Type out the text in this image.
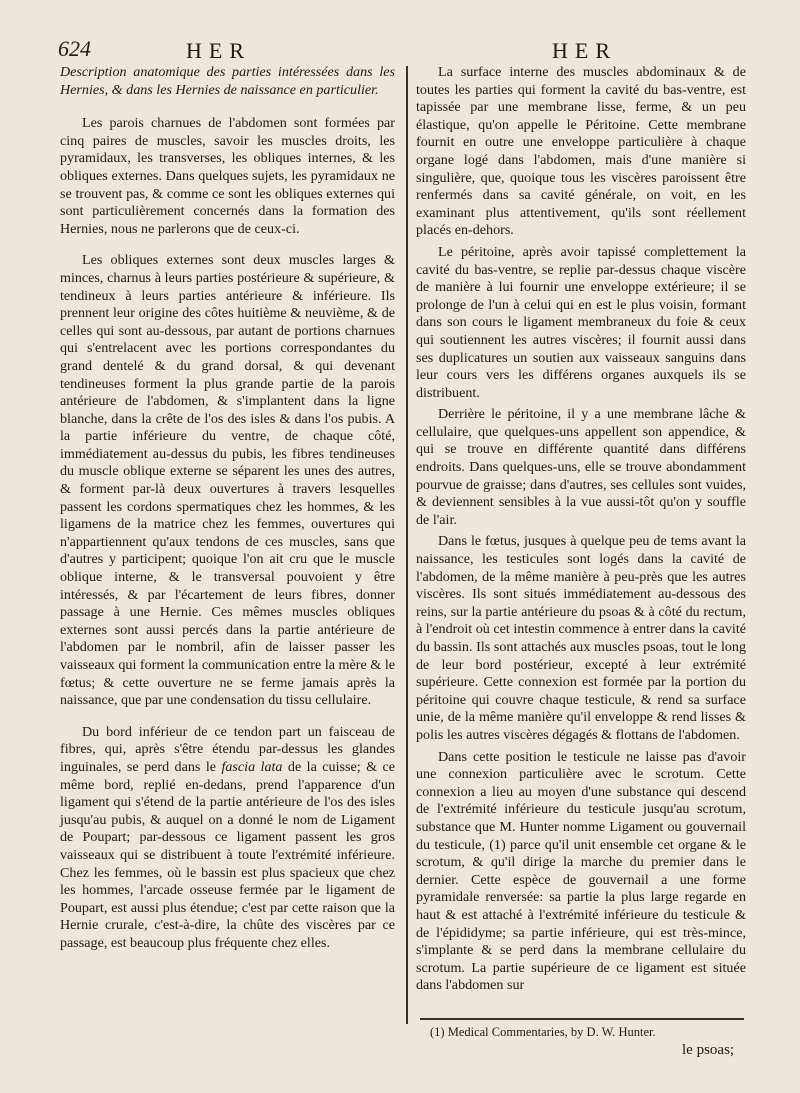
624	HER	HER

Description anatomique des parties intéressées dans les Hernies, & dans les Hernies de naissance en particulier.

Les parois charnues de l'abdomen sont formées par cinq paires de muscles, savoir les muscles droits, les pyramidaux, les transverses, les obliques internes, & les obliques externes. Dans quelques sujets, les pyramidaux ne se trouvent pas, & comme ce sont les obliques externes qui sont particulièrement concernés dans la formation des Hernies, nous ne parlerons que de ceux-ci.

Les obliques externes sont deux muscles larges & minces, charnus à leurs parties postérieure & supérieure, & tendineux à leurs parties antérieure & inférieure. Ils prennent leur origine des côtes huitième & neuvième, & de celles qui sont au-dessous, par autant de portions charnues qui s'entrelacent avec les portions correspondantes du grand dentelé & du grand dorsal, & qui devenant tendineuses forment la plus grande partie de la parois antérieure de l'abdomen, & s'implantent dans la ligne blanche, dans la crête de l'os des isles & dans l'os pubis. A la partie inférieure du ventre, de chaque côté, immédiatement au-dessus du pubis, les fibres tendineuses du muscle oblique externe se séparent les unes des autres, & forment par-là deux ouvertures à travers lesquelles passent les cordons spermatiques chez les hommes, & les ligamens de la matrice chez les femmes, ouvertures qui n'appartiennent qu'aux tendons de ces muscles, sans que d'autres y participent; quoique l'on ait cru que le muscle oblique interne, & le transversal pouvoient y être intéressés, & par l'écartement de leurs fibres, donner passage à une Hernie. Ces mêmes muscles obliques externes sont aussi percés dans la partie antérieure de l'abdomen par le nombril, afin de laisser passer les vaisseaux qui forment la communication entre la mère & le fœtus; & cette ouverture ne se ferme jamais après la naissance, que par une condensation du tissu cellulaire.

Du bord inférieur de ce tendon part un faisceau de fibres, qui, après s'être étendu par-dessus les glandes inguinales, se perd dans le fascia lata de la cuisse; & ce même bord, replié en-dedans, prend l'apparence d'un ligament qui s'étend de la partie antérieure de l'os des isles jusqu'au pubis, & auquel on a donné le nom de Ligament de Poupart; par-dessous ce ligament passent les gros vaisseaux qui se distribuent à toute l'extrémité inférieure. Chez les femmes, où le bassin est plus spacieux que chez les hommes, l'arcade osseuse fermée par le ligament de Poupart, est aussi plus étendue; c'est par cette raison que la Hernie crurale, c'est-à-dire, la chûte des viscères par ce passage, est beaucoup plus fréquente chez elles.

La surface interne des muscles abdominaux & de toutes les parties qui forment la cavité du bas-ventre, est tapissée par une membrane lisse, ferme, & un peu élastique, qu'on appelle le Péritoine. Cette membrane fournit en outre une enveloppe particulière à chaque organe logé dans l'abdomen, mais d'une manière si singulière, que, quoique tous les viscères paroissent être renfermés dans sa cavité générale, on voit, en les examinant plus attentivement, qu'ils sont réellement placés en-dehors.

Le péritoine, après avoir tapissé complettement la cavité du bas-ventre, se replie par-dessus chaque viscère de manière à lui fournir une enveloppe extérieure; il se prolonge de l'un à celui qui en est le plus voisin, formant dans son cours le ligament membraneux du foie & ceux qui soutiennent les autres viscères; il fournit aussi dans ses duplicatures un soutien aux vaisseaux sanguins dans leur cours vers les différens organes auxquels ils se distribuent.

Derrière le péritoine, il y a une membrane lâche & cellulaire, que quelques-uns appellent son appendice, & qui se trouve en différente quantité dans différens endroits. Dans quelques-uns, elle se trouve abondamment pourvue de graisse; dans d'autres, ses cellules sont vuides, & deviennent sensibles à la vue aussi-tôt qu'on y souffle de l'air.

Dans le fœtus, jusques à quelque peu de tems avant la naissance, les testicules sont logés dans la cavité de l'abdomen, de la même manière à peu-près que les autres viscères. Ils sont situés immédiatement au-dessous des reins, sur la partie antérieure du psoas & à côté du rectum, à l'endroit où cet intestin commence à entrer dans la cavité du bassin. Ils sont attachés aux muscles psoas, tout le long de leur bord postérieur, excepté à leur extrémité supérieure. Cette connexion est formée par la portion du péritoine qui couvre chaque testicule, & rend sa surface unie, de la même manière qu'il enveloppe & rend lisses & polis les autres viscères dégagés & flottans de l'abdomen.

Dans cette position le testicule ne laisse pas d'avoir une connexion particulière avec le scrotum. Cette connexion a lieu au moyen d'une substance qui descend de l'extrémité inférieure du testicule jusqu'au scrotum, substance que M. Hunter nomme Ligament ou gouvernail du testicule, (1) parce qu'il unit ensemble cet organe & le scrotum, & qu'il dirige la marche du premier dans le dernier. Cette espèce de gouvernail a une forme pyramidale renversée: sa partie la plus large regarde en haut & est attaché à l'extrémité inférieure du testicule & de l'épididyme; sa partie inférieure, qui est très-mince, s'implante & se perd dans la membrane cellulaire du scrotum. La partie supérieure de ce ligament est située dans l'abdomen sur

(1) Medical Commentaries, by D. W. Hunter.
le psoas;
